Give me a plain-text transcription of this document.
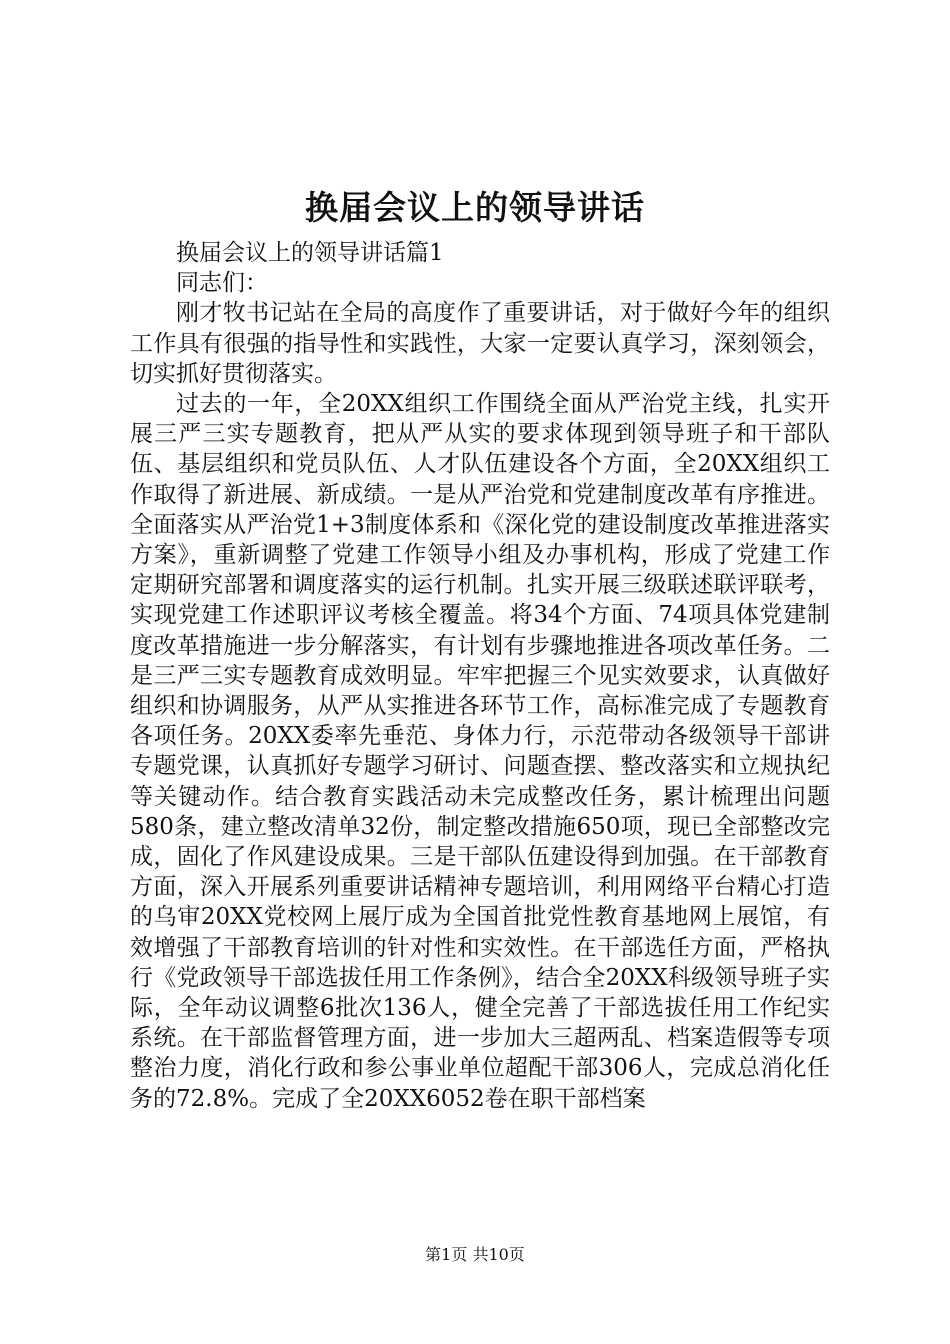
换届会议上的领导讲话

换届会议上的领导讲话篇1

同志们：

刚才牧书记站在全局的高度作了重要讲话，对于做好今年的组织工作具有很强的指导性和实践性，大家一定要认真学习，深刻领会，切实抓好贯彻落实。

过去的一年，全20XX组织工作围绕全面从严治党主线，扎实开展三严三实专题教育，把从严从实的要求体现到领导班子和干部队伍、基层组织和党员队伍、人才队伍建设各个方面，全20XX组织工作取得了新进展、新成绩。一是从严治党和党建制度改革有序推进。全面落实从严治党1+3制度体系和《深化党的建设制度改革推进落实方案》，重新调整了党建工作领导小组及办事机构，形成了党建工作定期研究部署和调度落实的运行机制。扎实开展三级联述联评联考，实现党建工作述职评议考核全覆盖。将34个方面、74项具体党建制度改革措施进一步分解落实，有计划有步骤地推进各项改革任务。二是三严三实专题教育成效明显。牢牢把握三个见实效要求，认真做好组织和协调服务，从严从实推进各环节工作，高标准完成了专题教育各项任务。20XX委率先垂范、身体力行，示范带动各级领导干部讲专题党课，认真抓好专题学习研讨、问题查摆、整改落实和立规执纪等关键动作。结合教育实践活动未完成整改任务，累计梳理出问题580条，建立整改清单32份，制定整改措施650项，现已全部整改完成，固化了作风建设成果。三是干部队伍建设得到加强。在干部教育方面，深入开展系列重要讲话精神专题培训，利用网络平台精心打造的乌审20XX党校网上展厅成为全国首批党性教育基地网上展馆，有效增强了干部教育培训的针对性和实效性。在干部选任方面，严格执行《党政领导干部选拔任用工作条例》，结合全20XX科级领导班子实际，全年动议调整6批次136人，健全完善了干部选拔任用工作纪实系统。在干部监督管理方面，进一步加大三超两乱、档案造假等专项整治力度，消化行政和参公事业单位超配干部306人，完成总消化任务的72.8%。完成了全20XX6052卷在职干部档案

第1页 共10页
